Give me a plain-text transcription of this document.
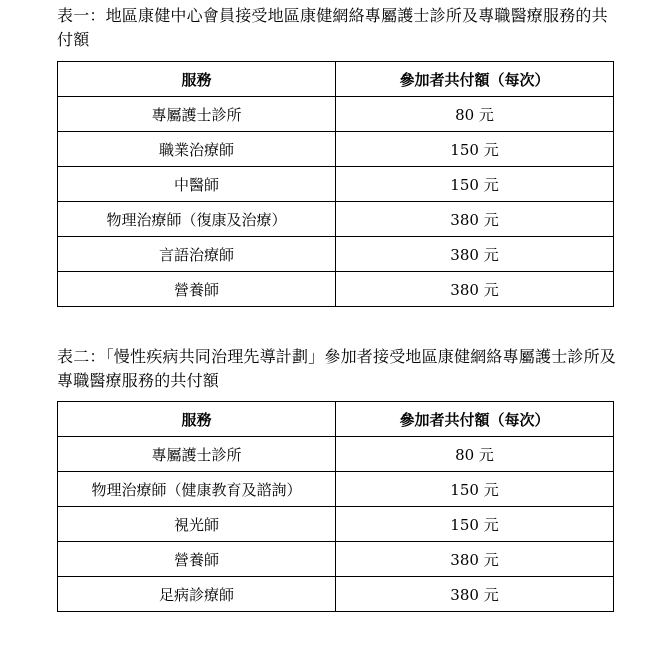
表一：地區康健中心會員接受地區康健網絡專屬護士診所及專職醫療服務的共付額
服務	參加者共付額（每次）
專屬護士診所	80 元
職業治療師	150 元
中醫師	150 元
物理治療師（復康及治療）	380 元
言語治療師	380 元
營養師	380 元
表二：「慢性疾病共同治理先導計劃」參加者接受地區康健網絡專屬護士診所及專職醫療服務的共付額
服務	參加者共付額（每次）
專屬護士診所	80 元
物理治療師（健康教育及諮詢）	150 元
視光師	150 元
營養師	380 元
足病診療師	380 元
